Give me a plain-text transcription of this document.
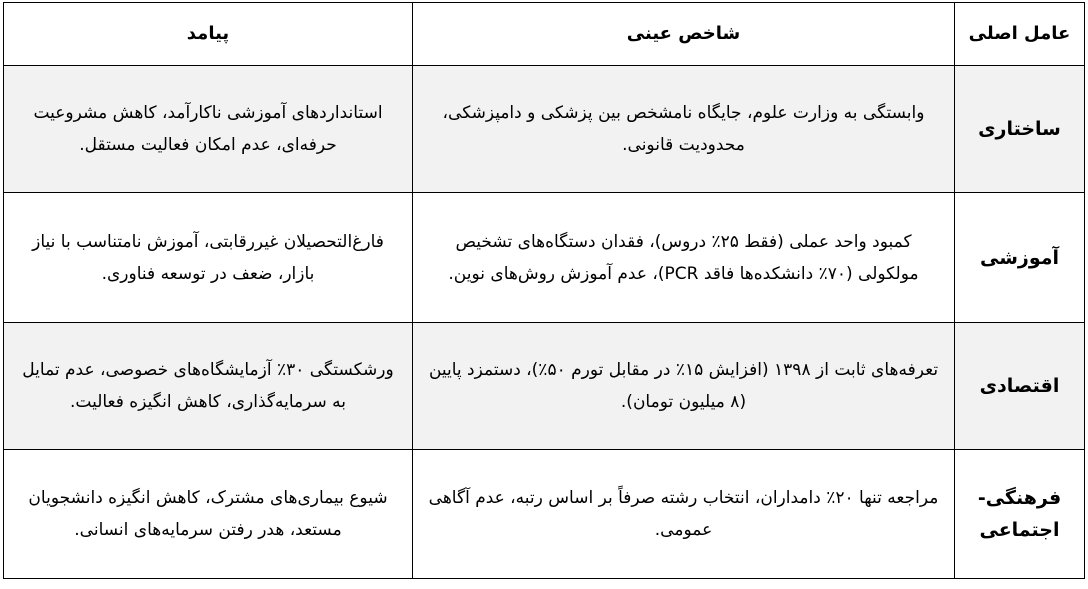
عامل اصلی	شاخص عینی	پیامد
ساختاری	وابستگی به وزارت علوم، جایگاه نامشخص بین پزشکی و دامپزشکی، محدودیت قانونی.	استانداردهای آموزشی ناکارآمد، کاهش مشروعیت حرفه‌ای، عدم امکان فعالیت مستقل.
آموزشی	کمبود واحد عملی (فقط ۲۵٪ دروس)، فقدان دستگاه‌های تشخیص مولکولی (۷۰٪ دانشکده‌ها فاقد PCR)، عدم آموزش روش‌های نوین.	فارغ‌التحصیلان غیررقابتی، آموزش نامتناسب با نیاز بازار، ضعف در توسعه فناوری.
اقتصادی	تعرفه‌های ثابت از ۱۳۹۸ (افزایش ۱۵٪ در مقابل تورم ۵۰٪)، دستمزد پایین (۸ میلیون تومان).	ورشکستگی ۳۰٪ آزمایشگاه‌های خصوصی، عدم تمایل به سرمایه‌گذاری، کاهش انگیزه فعالیت.
فرهنگی- اجتماعی	مراجعه تنها ۲۰٪ دامداران، انتخاب رشته صرفاً بر اساس رتبه، عدم آگاهی عمومی.	شیوع بیماری‌های مشترک، کاهش انگیزه دانشجویان مستعد، هدر رفتن سرمایه‌های انسانی.
